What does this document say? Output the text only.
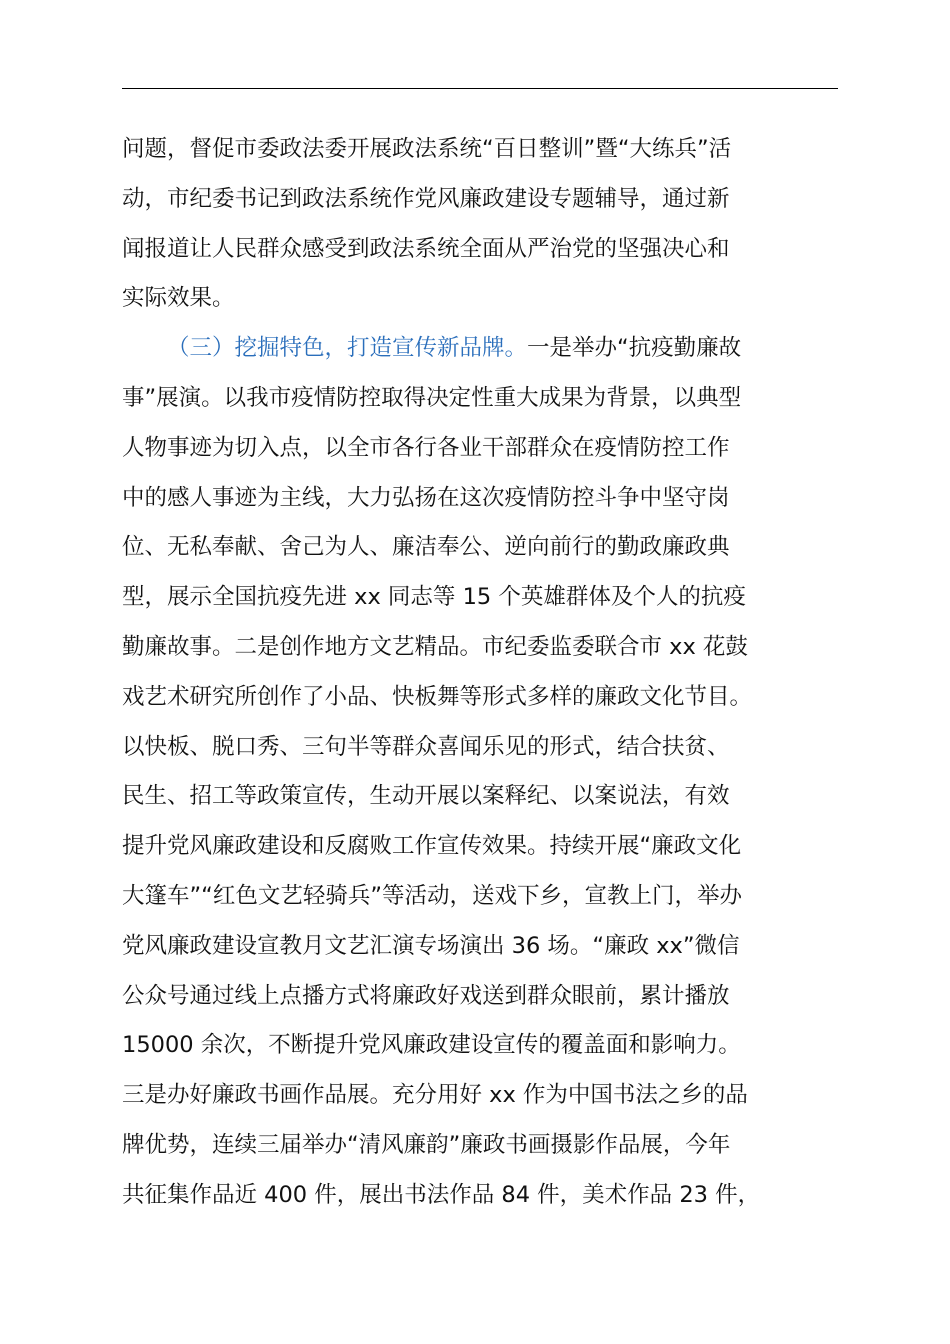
问题，督促市委政法委开展政法系统“百日整训”暨“大练兵”活
动，市纪委书记到政法系统作党风廉政建设专题辅导，通过新
闻报道让人民群众感受到政法系统全面从严治党的坚强决心和
实际效果。
（三）挖掘特色，打造宣传新品牌。一是举办“抗疫勤廉故
事”展演。以我市疫情防控取得决定性重大成果为背景，以典型
人物事迹为切入点，以全市各行各业干部群众在疫情防控工作
中的感人事迹为主线，大力弘扬在这次疫情防控斗争中坚守岗
位、无私奉献、舍己为人、廉洁奉公、逆向前行的勤政廉政典
型，展示全国抗疫先进 xx 同志等 15 个英雄群体及个人的抗疫
勤廉故事。二是创作地方文艺精品。市纪委监委联合市 xx 花鼓
戏艺术研究所创作了小品、快板舞等形式多样的廉政文化节目。
以快板、脱口秀、三句半等群众喜闻乐见的形式，结合扶贫、
民生、招工等政策宣传，生动开展以案释纪、以案说法，有效
提升党风廉政建设和反腐败工作宣传效果。持续开展“廉政文化
大篷车”“红色文艺轻骑兵”等活动，送戏下乡，宣教上门，举办
党风廉政建设宣教月文艺汇演专场演出 36 场。“廉政 xx”微信
公众号通过线上点播方式将廉政好戏送到群众眼前，累计播放
15000 余次，不断提升党风廉政建设宣传的覆盖面和影响力。
三是办好廉政书画作品展。充分用好 xx 作为中国书法之乡的品
牌优势，连续三届举办“清风廉韵”廉政书画摄影作品展，今年
共征集作品近 400 件，展出书法作品 84 件，美术作品 23 件，
